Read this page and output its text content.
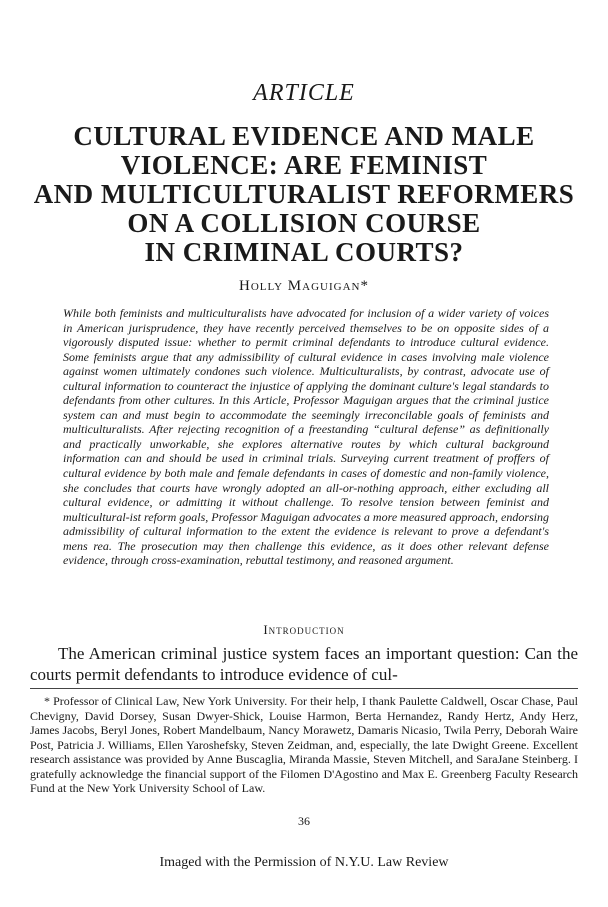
ARTICLE
CULTURAL EVIDENCE AND MALE
VIOLENCE: ARE FEMINIST
AND MULTICULTURALIST REFORMERS
ON A COLLISION COURSE
IN CRIMINAL COURTS?
Holly Maguigan*

While both feminists and multiculturalists have advocated for inclusion of a wider variety of voices in American jurisprudence, they have recently perceived themselves to be on opposite sides of a vigorously disputed issue: whether to permit criminal defendants to introduce cultural evidence. Some feminists argue that any admissibility of cultural evidence in cases involving male violence against women ultimately condones such violence. Multiculturalists, by contrast, advocate use of cultural information to counteract the injustice of applying the dominant culture's legal standards to defendants from other cultures. In this Article, Professor Maguigan argues that the criminal justice system can and must begin to accommodate the seemingly irreconcilable goals of feminists and multiculturalists. After rejecting recognition of a freestanding “cultural defense” as definitionally and practically unworkable, she explores alternative routes by which cultural background information can and should be used in criminal trials. Surveying current treatment of proffers of cultural evidence by both male and female defendants in cases of domestic and non-family violence, she concludes that courts have wrongly adopted an all-or-nothing approach, either excluding all cultural evidence, or admitting it without challenge. To resolve tension between feminist and multicultural-ist reform goals, Professor Maguigan advocates a more measured approach, endorsing admissibility of cultural information to the extent the evidence is relevant to prove a defendant's mens rea. The prosecution may then challenge this evidence, as it does other relevant defense evidence, through cross-examination, rebuttal testimony, and reasoned argument.

Introduction

The American criminal justice system faces an important question: Can the courts permit defendants to introduce evidence of cul-

* Professor of Clinical Law, New York University. For their help, I thank Paulette Caldwell, Oscar Chase, Paul Chevigny, David Dorsey, Susan Dwyer-Shick, Louise Harmon, Berta Hernandez, Randy Hertz, Andy Herz, James Jacobs, Beryl Jones, Robert Mandelbaum, Nancy Morawetz, Damaris Nicasio, Twila Perry, Deborah Waire Post, Patricia J. Williams, Ellen Yaroshefsky, Steven Zeidman, and, especially, the late Dwight Greene. Excellent research assistance was provided by Anne Buscaglia, Miranda Massie, Steven Mitchell, and SaraJane Steinberg. I gratefully acknowledge the financial support of the Filomen D'Agostino and Max E. Greenberg Faculty Research Fund at the New York University School of Law.

36
Imaged with the Permission of N.Y.U. Law Review
